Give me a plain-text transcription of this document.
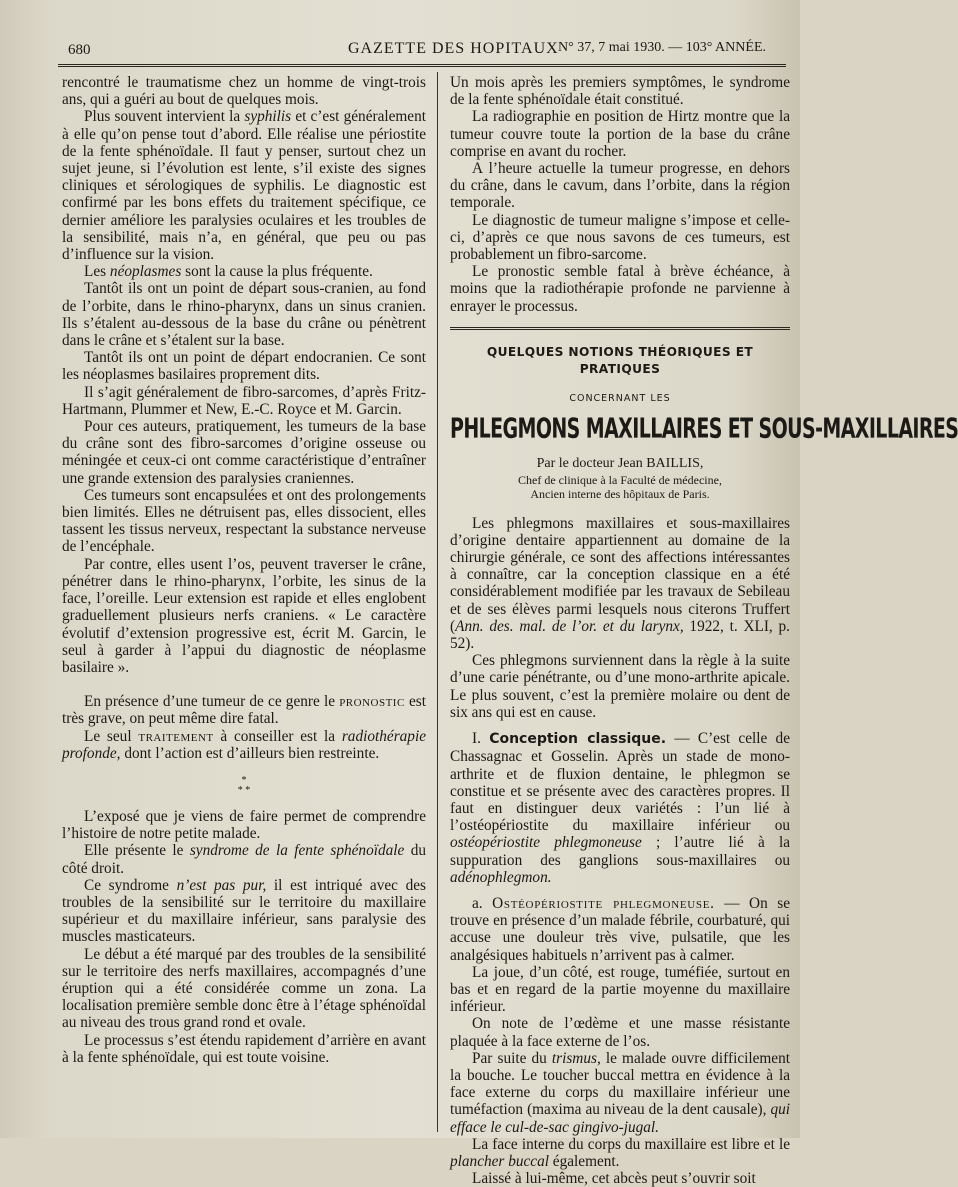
680	GAZETTE DES HOPITAUX N° 37, 7 mai 1930. — 103° ANNÉE.

rencontré le traumatisme chez un homme de vingt-trois ans, qui a guéri au bout de quelques mois.

Plus souvent intervient la syphilis et c’est généralement à elle qu’on pense tout d’abord. Elle réalise une périostite de la fente sphénoïdale. Il faut y penser, surtout chez un sujet jeune, si l’évolution est lente, s’il existe des signes cliniques et sérologiques de syphilis. Le diagnostic est confirmé par les bons effets du traitement spécifique, ce dernier améliore les paralysies oculaires et les troubles de la sensibilité, mais n’a, en général, que peu ou pas d’influence sur la vision.

Les néoplasmes sont la cause la plus fréquente.

Tantôt ils ont un point de départ sous-cranien, au fond de l’orbite, dans le rhino-pharynx, dans un sinus cranien. Ils s’étalent au-dessous de la base du crâne ou pénètrent dans le crâne et s’étalent sur la base.

Tantôt ils ont un point de départ endocranien. Ce sont les néoplasmes basilaires proprement dits.

Il s’agit généralement de fibro-sarcomes, d’après Fritz-Hartmann, Plummer et New, E.-C. Royce et M. Garcin.

Pour ces auteurs, pratiquement, les tumeurs de la base du crâne sont des fibro-sarcomes d’origine osseuse ou méningée et ceux-ci ont comme caractéristique d’entraîner une grande extension des paralysies craniennes.

Ces tumeurs sont encapsulées et ont des prolongements bien limités. Elles ne détruisent pas, elles dissocient, elles tassent les tissus nerveux, respectant la substance nerveuse de l’encéphale.

Par contre, elles usent l’os, peuvent traverser le crâne, pénétrer dans le rhino-pharynx, l’orbite, les sinus de la face, l’oreille. Leur extension est rapide et elles englobent graduellement plusieurs nerfs craniens. « Le caractère évolutif d’extension progressive est, écrit M. Garcin, le seul à garder à l’appui du diagnostic de néoplasme basilaire ».

En présence d’une tumeur de ce genre le pronostic est très grave, on peut même dire fatal.

Le seul traitement à conseiller est la radiothérapie profonde, dont l’action est d’ailleurs bien restreinte.

*
* *

L’exposé que je viens de faire permet de comprendre l’histoire de notre petite malade.

Elle présente le syndrome de la fente sphénoïdale du côté droit.

Ce syndrome n’est pas pur, il est intriqué avec des troubles de la sensibilité sur le territoire du maxillaire supérieur et du maxillaire inférieur, sans paralysie des muscles masticateurs.

Le début a été marqué par des troubles de la sensibilité sur le territoire des nerfs maxillaires, accompagnés d’une éruption qui a été considérée comme un zona. La localisation première semble donc être à l’étage sphénoïdal au niveau des trous grand rond et ovale.

Le processus s’est étendu rapidement d’arrière en avant à la fente sphénoïdale, qui est toute voisine.

Un mois après les premiers symptômes, le syndrome de la fente sphénoïdale était constitué.

La radiographie en position de Hirtz montre que la tumeur couvre toute la portion de la base du crâne comprise en avant du rocher.

A l’heure actuelle la tumeur progresse, en dehors du crâne, dans le cavum, dans l’orbite, dans la région temporale.

Le diagnostic de tumeur maligne s’impose et celle-ci, d’après ce que nous savons de ces tumeurs, est probablement un fibro-sarcome.

Le pronostic semble fatal à brève échéance, à moins que la radiothérapie profonde ne parvienne à enrayer le processus.

QUELQUES NOTIONS THÉORIQUES ET PRATIQUES
CONCERNANT LES
PHLEGMONS MAXILLAIRES ET SOUS-MAXILLAIRES
Par le docteur Jean BAILLIS,
Chef de clinique à la Faculté de médecine,
Ancien interne des hôpitaux de Paris.

Les phlegmons maxillaires et sous-maxillaires d’origine dentaire appartiennent au domaine de la chirurgie générale, ce sont des affections intéressantes à connaître, car la conception classique en a été considérablement modifiée par les travaux de Sebileau et de ses élèves parmi lesquels nous citerons Truffert (Ann. des. mal. de l’or. et du larynx, 1922, t. XLI, p. 52).

Ces phlegmons surviennent dans la règle à la suite d’une carie pénétrante, ou d’une mono-arthrite apicale. Le plus souvent, c’est la première molaire ou dent de six ans qui est en cause.

I. Conception classique. — C’est celle de Chassagnac et Gosselin. Après un stade de mono-arthrite et de fluxion dentaine, le phlegmon se constitue et se présente avec des caractères propres. Il faut en distinguer deux variétés : l’un lié à l’ostéopériostite du maxillaire inférieur ou ostéopériostite phlegmoneuse ; l’autre lié à la suppuration des ganglions sous-maxillaires ou adénophlegmon.

a. Ostéopériostite phlegmoneuse. — On se trouve en présence d’un malade fébrile, courbaturé, qui accuse une douleur très vive, pulsatile, que les analgésiques habituels n’arrivent pas à calmer.

La joue, d’un côté, est rouge, tuméfiée, surtout en bas et en regard de la partie moyenne du maxillaire inférieur.

On note de l’œdème et une masse résistante plaquée à la face externe de l’os.

Par suite du trismus, le malade ouvre difficilement la bouche. Le toucher buccal mettra en évidence à la face externe du corps du maxillaire inférieur une tuméfaction (maxima au niveau de la dent causale), qui efface le cul-de-sac gingivo-jugal.

La face interne du corps du maxillaire est libre et le plancher buccal également.

Laissé à lui-même, cet abcès peut s’ouvrir soit
